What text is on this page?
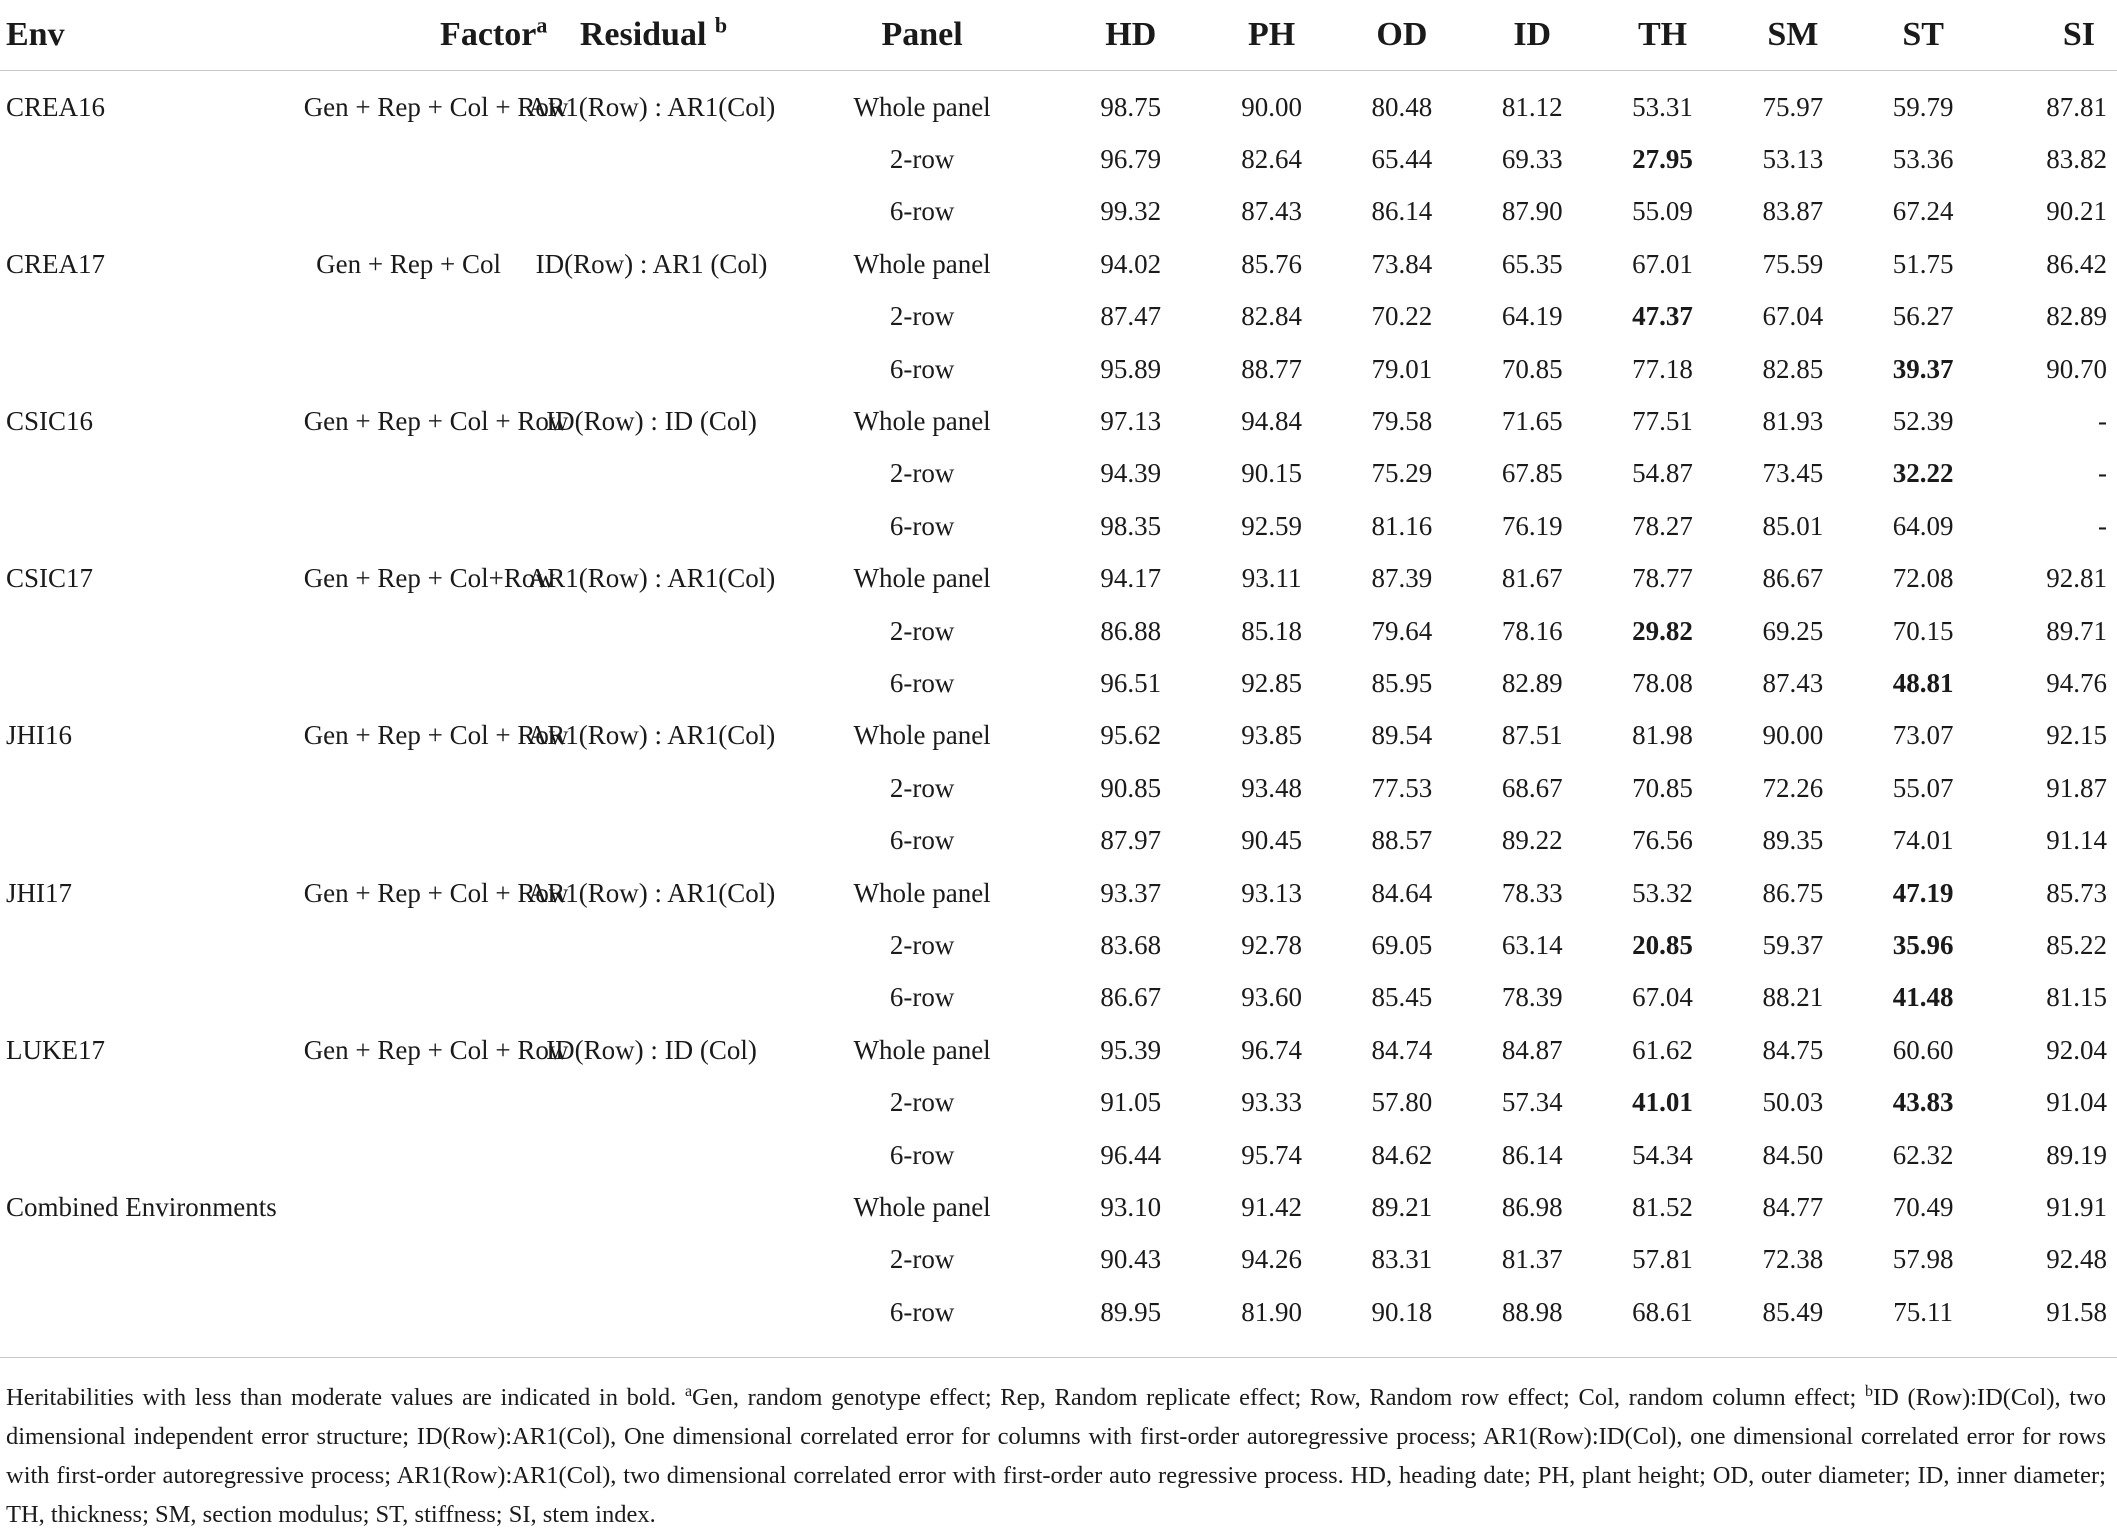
Env	Factor$^a$	Residual $^b$	Panel	HD	PH	OD	ID	TH	SM	ST	SI
CREA16	Gen + Rep + Col + Row	AR1(Row) : AR1(Col)	Whole panel	98.75	90.00	80.48	81.12	53.31	75.97	59.79	87.81
			2-row	96.79	82.64	65.44	69.33	27.95	53.13	53.36	83.82
			6-row	99.32	87.43	86.14	87.90	55.09	83.87	67.24	90.21
CREA17	Gen + Rep + Col	ID(Row) : AR1 (Col)	Whole panel	94.02	85.76	73.84	65.35	67.01	75.59	51.75	86.42
			2-row	87.47	82.84	70.22	64.19	47.37	67.04	56.27	82.89
			6-row	95.89	88.77	79.01	70.85	77.18	82.85	39.37	90.70
CSIC16	Gen + Rep + Col + Row	ID(Row) : ID (Col)	Whole panel	97.13	94.84	79.58	71.65	77.51	81.93	52.39	-
			2-row	94.39	90.15	75.29	67.85	54.87	73.45	32.22	-
			6-row	98.35	92.59	81.16	76.19	78.27	85.01	64.09	-
CSIC17	Gen + Rep + Col+Row	AR1(Row) : AR1(Col)	Whole panel	94.17	93.11	87.39	81.67	78.77	86.67	72.08	92.81
			2-row	86.88	85.18	79.64	78.16	29.82	69.25	70.15	89.71
			6-row	96.51	92.85	85.95	82.89	78.08	87.43	48.81	94.76
JHI16	Gen + Rep + Col + Row	AR1(Row) : AR1(Col)	Whole panel	95.62	93.85	89.54	87.51	81.98	90.00	73.07	92.15
			2-row	90.85	93.48	77.53	68.67	70.85	72.26	55.07	91.87
			6-row	87.97	90.45	88.57	89.22	76.56	89.35	74.01	91.14
JHI17	Gen + Rep + Col + Row	AR1(Row) : AR1(Col)	Whole panel	93.37	93.13	84.64	78.33	53.32	86.75	47.19	85.73
			2-row	83.68	92.78	69.05	63.14	20.85	59.37	35.96	85.22
			6-row	86.67	93.60	85.45	78.39	67.04	88.21	41.48	81.15
LUKE17	Gen + Rep + Col + Row	ID(Row) : ID (Col)	Whole panel	95.39	96.74	84.74	84.87	61.62	84.75	60.60	92.04
			2-row	91.05	93.33	57.80	57.34	41.01	50.03	43.83	91.04
			6-row	96.44	95.74	84.62	86.14	54.34	84.50	62.32	89.19
Combined Environments			Whole panel	93.10	91.42	89.21	86.98	81.52	84.77	70.49	91.91
			2-row	90.43	94.26	83.31	81.37	57.81	72.38	57.98	92.48
			6-row	89.95	81.90	90.18	88.98	68.61	85.49	75.11	91.58
Heritabilities with less than moderate values are indicated in bold. $^a$Gen, random genotype effect; Rep, Random replicate effect; Row, Random row effect; Col, random column effect; $^b$ID (Row):ID(Col), two dimensional independent error structure; ID(Row):AR1(Col), One dimensional correlated error for columns with first-order autoregressive process; AR1(Row):ID(Col), one dimensional correlated error for rows with first-order autoregressive process; AR1(Row):AR1(Col), two dimensional correlated error with first-order auto regressive process. HD, heading date; PH, plant height; OD, outer diameter; ID, inner diameter; TH, thickness; SM, section modulus; ST, stiffness; SI, stem index.
